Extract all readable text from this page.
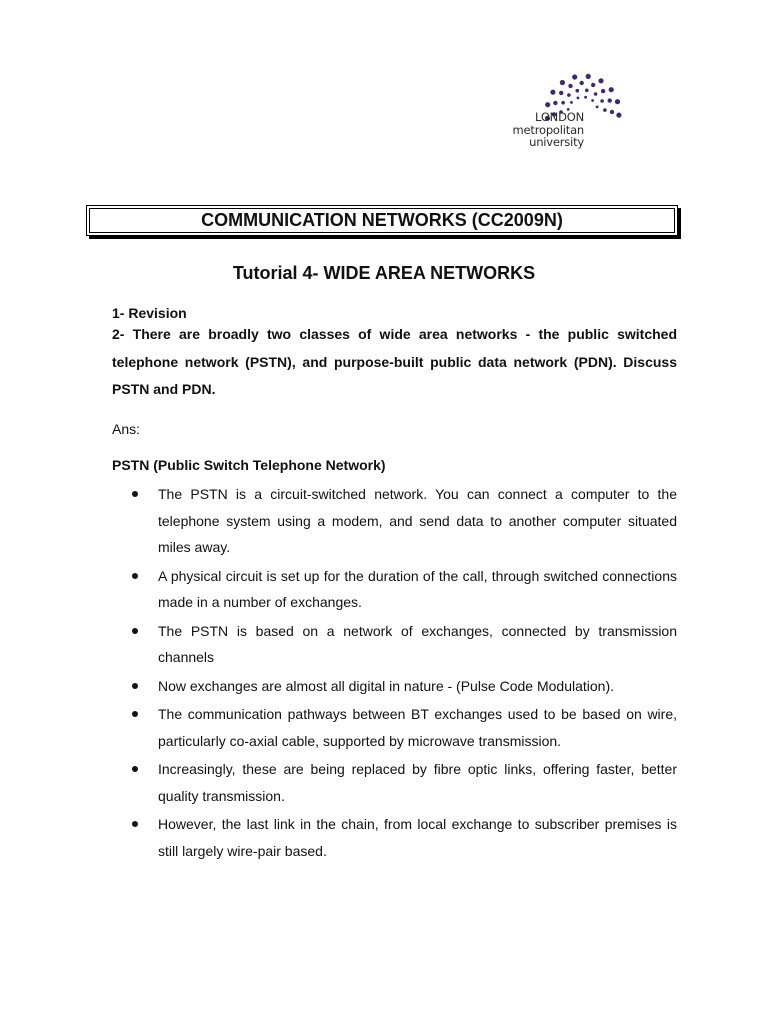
LONDON
metropolitan
university
COMMUNICATION NETWORKS (CC2009N)
Tutorial 4- WIDE AREA NETWORKS
1- Revision

2- There are broadly two classes of wide area networks - the public switched telephone network (PSTN), and purpose-built public data network (PDN). Discuss PSTN and PDN.

Ans:
PSTN (Public Switch Telephone Network)
The PSTN is a circuit-switched network. You can connect a computer to the telephone system using a modem, and send data to another computer situated miles away.
A physical circuit is set up for the duration of the call, through switched connections made in a number of exchanges.
The PSTN is based on a network of exchanges, connected by transmission channels
Now exchanges are almost all digital in nature - (Pulse Code Modulation).
The communication pathways between BT exchanges used to be based on wire, particularly co-axial cable, supported by microwave transmission.
Increasingly, these are being replaced by fibre optic links, offering faster, better quality transmission.
However, the last link in the chain, from local exchange to subscriber premises is still largely wire-pair based.
